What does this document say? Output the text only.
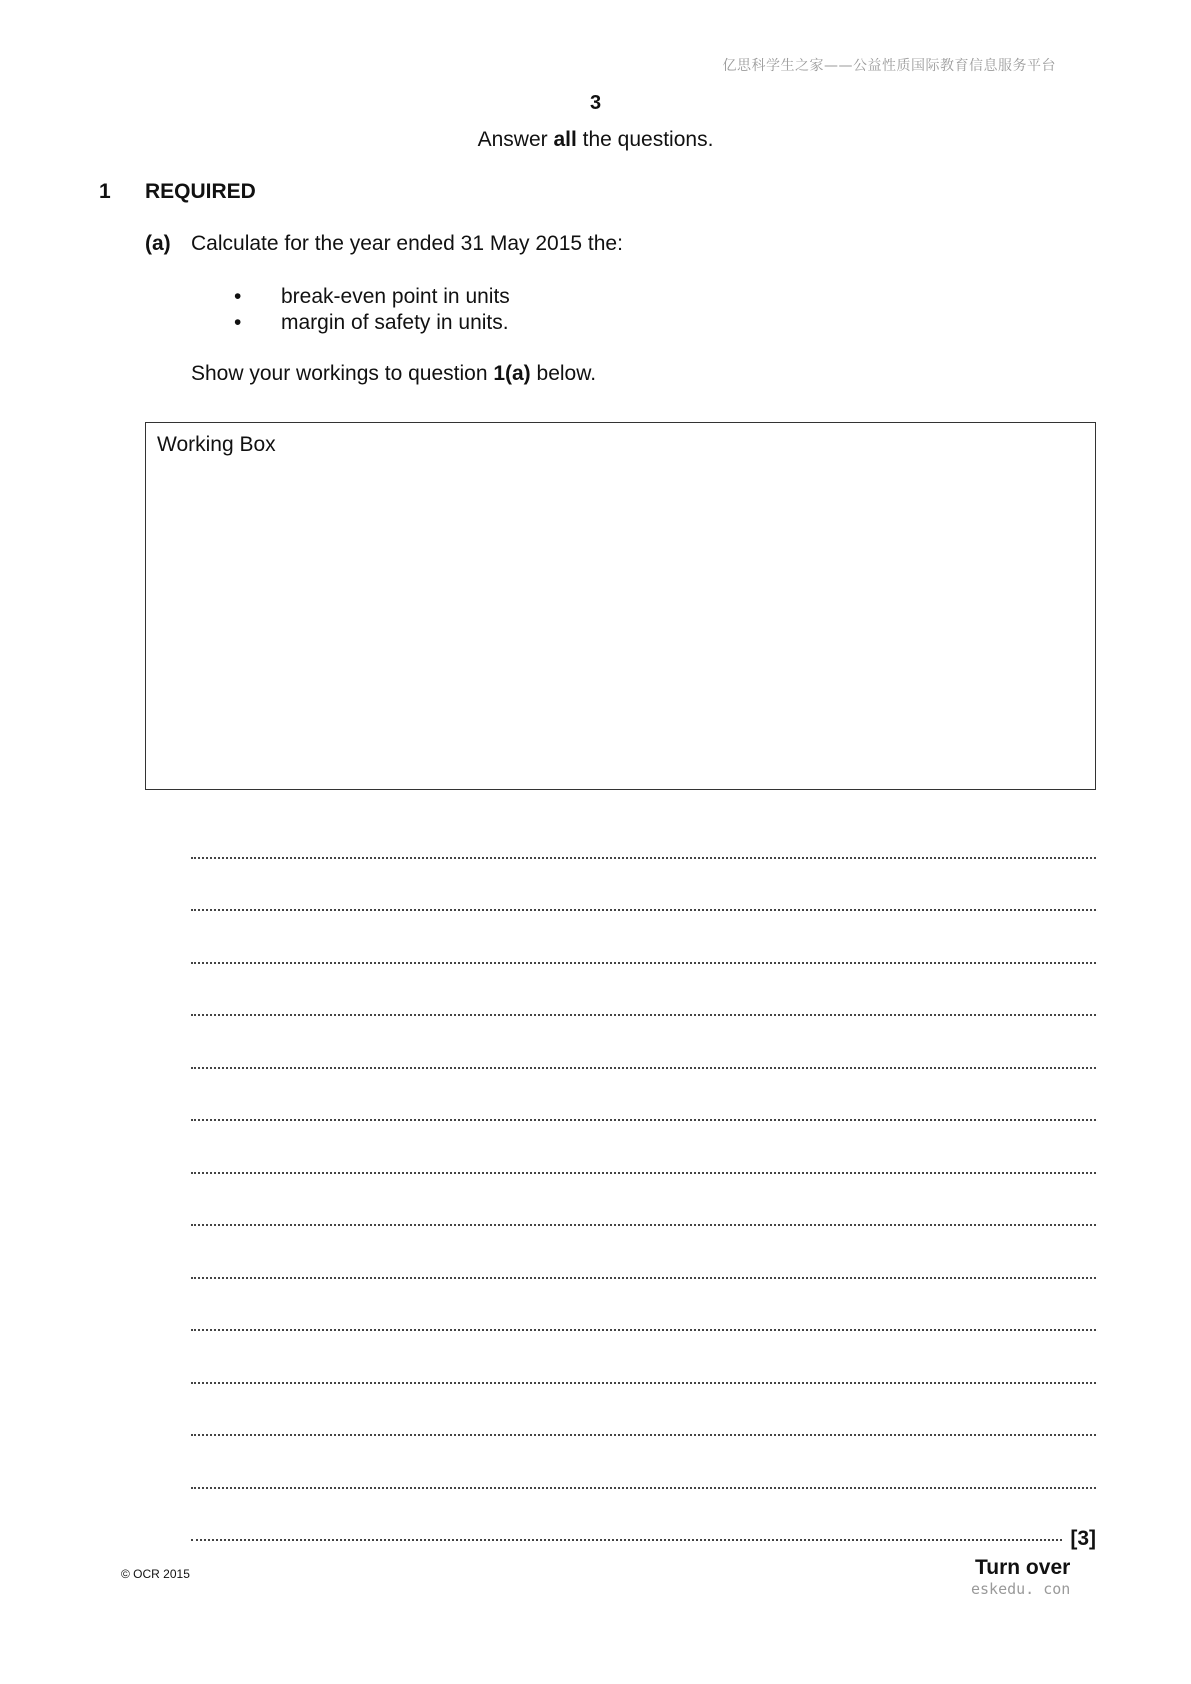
亿思科学生之家——公益性质国际教育信息服务平台
3
Answer all the questions.
1 REQUIRED
(a) Calculate for the year ended 31 May 2015 the:
• break-even point in units
• margin of safety in units.
Show your workings to question 1(a) below.
Working Box
[3]
© OCR 2015	Turn over
eskedu. con
